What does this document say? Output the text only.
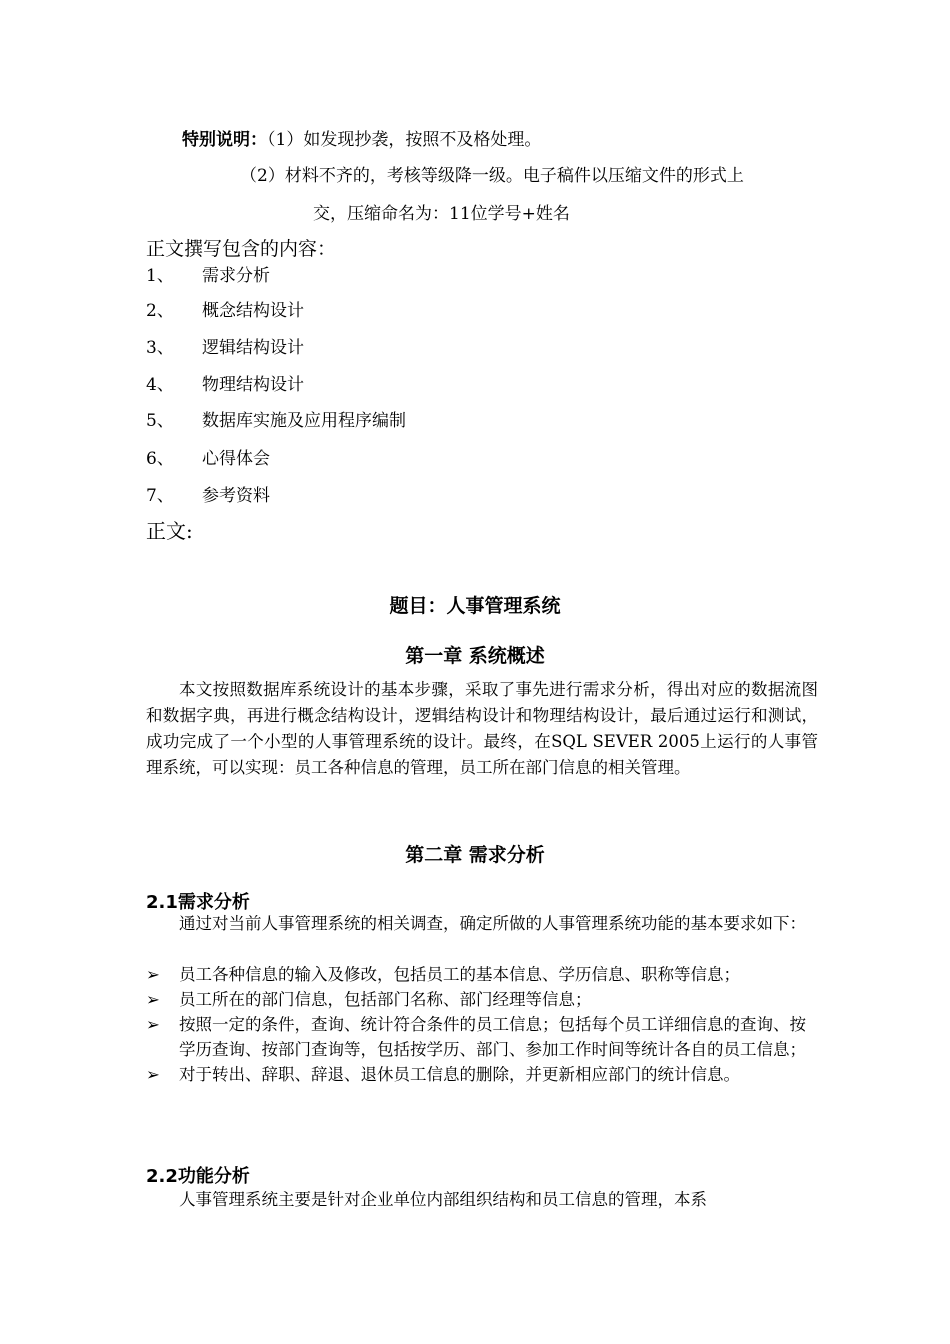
特别说明：（1）如发现抄袭，按照不及格处理。
（2）材料不齐的，考核等级降一级。电子稿件以压缩文件的形式上
交，压缩命名为：11位学号+姓名
正文撰写包含的内容：
1、 需求分析
2、 概念结构设计
3、 逻辑结构设计
4、 物理结构设计
5、 数据库实施及应用程序编制
6、 心得体会
7、 参考资料
正文:
题目：人事管理系统
第一章 系统概述

本文按照数据库系统设计的基本步骤，采取了事先进行需求分析，得出对应的数据流图和数据字典，再进行概念结构设计，逻辑结构设计和物理结构设计，最后通过运行和测试，成功完成了一个小型的人事管理系统的设计。最终，在SQL SEVER 2005上运行的人事管理系统，可以实现：员工各种信息的管理，员工所在部门信息的相关管理。

第二章 需求分析
2.1需求分析

通过对当前人事管理系统的相关调查，确定所做的人事管理系统功能的基本要求如下：

➢ 员工各种信息的输入及修改，包括员工的基本信息、学历信息、职称等信息；
➢ 员工所在的部门信息，包括部门名称、部门经理等信息；
➢ 按照一定的条件，查询、统计符合条件的员工信息；包括每个员工详细信息的查询、按学历查询、按部门查询等，包括按学历、部门、参加工作时间等统计各自的员工信息；
➢ 对于转出、辞职、辞退、退休员工信息的删除，并更新相应部门的统计信息。
2.2功能分析

人事管理系统主要是针对企业单位内部组织结构和员工信息的管理，本系
